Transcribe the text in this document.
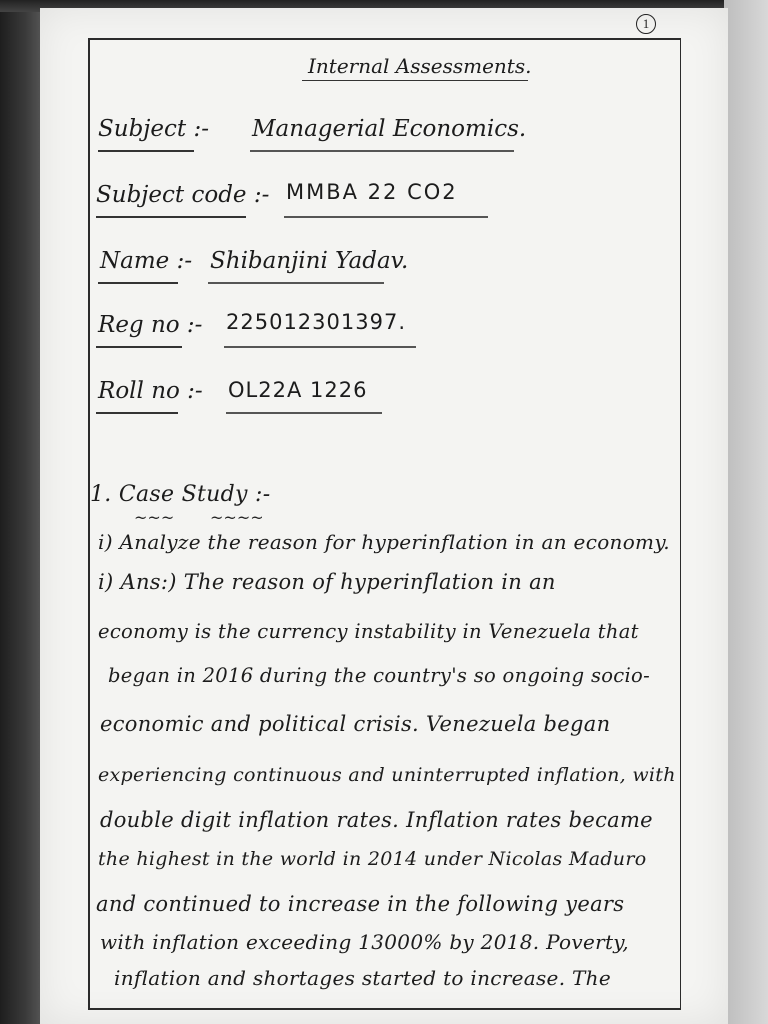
1
Internal Assessments.
Subject :- Managerial Economics.
Subject code :- MMBA 22 CO2
Name :- Shibanjini Yadav.
Reg no :- 225012301397.
Roll no :- OL22A 1226
1. Case Study :-
~~~ ~~~~
i) Analyze the reason for hyperinflation in an economy.
i) Ans:) The reason of hyperinflation in an
economy is the currency instability in Venezuela that
began in 2016 during the country's so ongoing socio-
economic and political crisis. Venezuela began
experiencing continuous and uninterrupted inflation, with
double digit inflation rates. Inflation rates became
the highest in the world in 2014 under Nicolas Maduro
and continued to increase in the following years
with inflation exceeding 13000% by 2018. Poverty,
inflation and shortages started to increase. The
